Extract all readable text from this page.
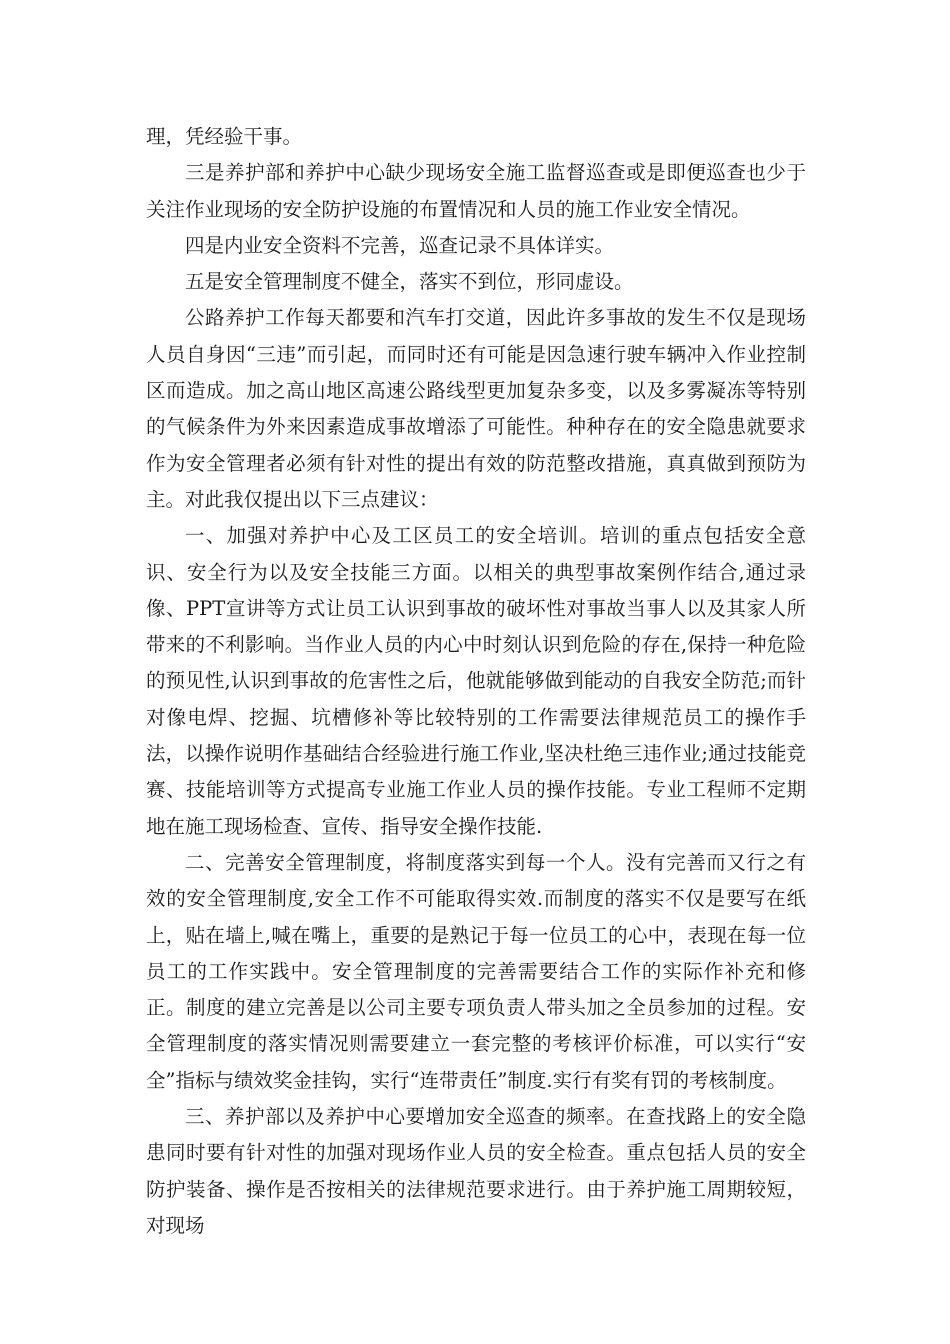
理，凭经验干事。

三是养护部和养护中心缺少现场安全施工监督巡查或是即便巡查也少于关注作业现场的安全防护设施的布置情况和人员的施工作业安全情况。

四是内业安全资料不完善，巡查记录不具体详实。

五是安全管理制度不健全，落实不到位，形同虚设。

公路养护工作每天都要和汽车打交道，因此许多事故的发生不仅是现场人员自身因“三违”而引起，而同时还有可能是因急速行驶车辆冲入作业控制区而造成。加之高山地区高速公路线型更加复杂多变，以及多雾凝冻等特别的气候条件为外来因素造成事故增添了可能性。种种存在的安全隐患就要求作为安全管理者必须有针对性的提出有效的防范整改措施，真真做到预防为主。对此我仅提出以下三点建议：

一、加强对养护中心及工区员工的安全培训。培训的重点包括安全意识、安全行为以及安全技能三方面。以相关的典型事故案例作结合,通过录像、PPT宣讲等方式让员工认识到事故的破坏性对事故当事人以及其家人所带来的不利影响。当作业人员的内心中时刻认识到危险的存在,保持一种危险的预见性,认识到事故的危害性之后，他就能够做到能动的自我安全防范;而针对像电焊、挖掘、坑槽修补等比较特别的工作需要法律规范员工的操作手法，以操作说明作基础结合经验进行施工作业,坚决杜绝三违作业;通过技能竞赛、技能培训等方式提高专业施工作业人员的操作技能。专业工程师不定期地在施工现场检查、宣传、指导安全操作技能.

二、完善安全管理制度，将制度落实到每一个人。没有完善而又行之有效的安全管理制度,安全工作不可能取得实效.而制度的落实不仅是要写在纸上，贴在墙上,喊在嘴上，重要的是熟记于每一位员工的心中，表现在每一位员工的工作实践中。安全管理制度的完善需要结合工作的实际作补充和修正。制度的建立完善是以公司主要专项负责人带头加之全员参加的过程。安全管理制度的落实情况则需要建立一套完整的考核评价标准，可以实行“安全”指标与绩效奖金挂钩，实行“连带责任”制度.实行有奖有罚的考核制度。

三、养护部以及养护中心要增加安全巡查的频率。在查找路上的安全隐患同时要有针对性的加强对现场作业人员的安全检查。重点包括人员的安全防护装备、操作是否按相关的法律规范要求进行。由于养护施工周期较短，对现场
